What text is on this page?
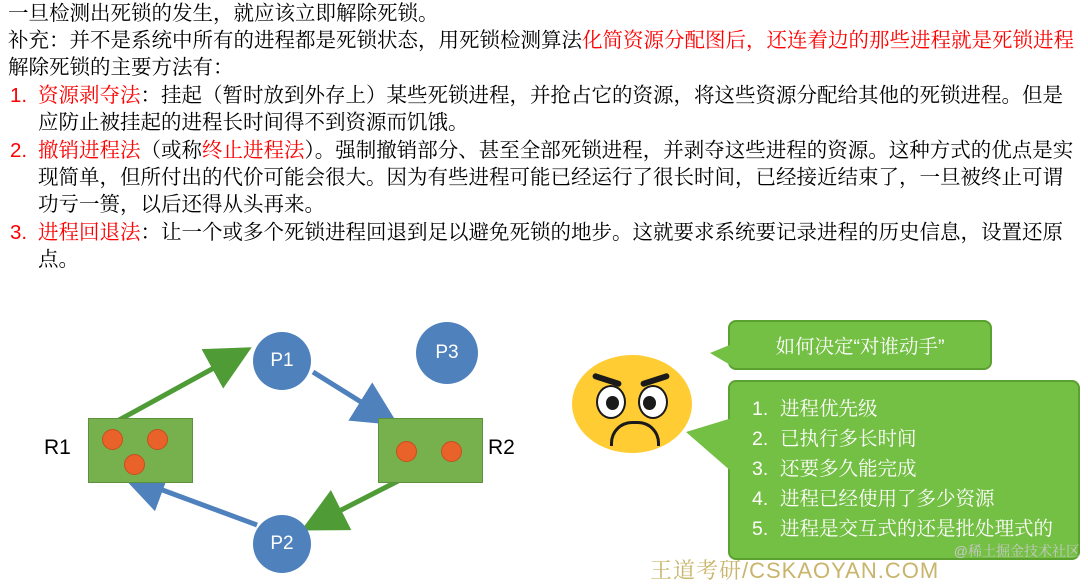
一旦检测出死锁的发生，就应该立即解除死锁。
补充：并不是系统中所有的进程都是死锁状态，用死锁检测算法化简资源分配图后，还连着边的那些进程就是死锁进程
解除死锁的主要方法有：
1. 资源剥夺法：挂起（暂时放到外存上）某些死锁进程，并抢占它的资源，将这些资源分配给其他的死锁进程。但是应防止被挂起的进程长时间得不到资源而饥饿。
2. 撤销进程法（或称终止进程法）。强制撤销部分、甚至全部死锁进程，并剥夺这些进程的资源。这种方式的优点是实现简单，但所付出的代价可能会很大。因为有些进程可能已经运行了很长时间，已经接近结束了，一旦被终止可谓功亏一篑，以后还得从头再来。
3. 进程回退法：让一个或多个死锁进程回退到足以避免死锁的地步。这就要求系统要记录进程的历史信息，设置还原点。
P1
P2
P3
R1	R2
如何决定“对谁动手”
1. 进程优先级
2. 已执行多长时间
3. 还要多久能完成
4. 进程已经使用了多少资源
5. 进程是交互式的还是批处理式的
@稀土掘金技术社区
王道考研/CSKAOYAN.COM
